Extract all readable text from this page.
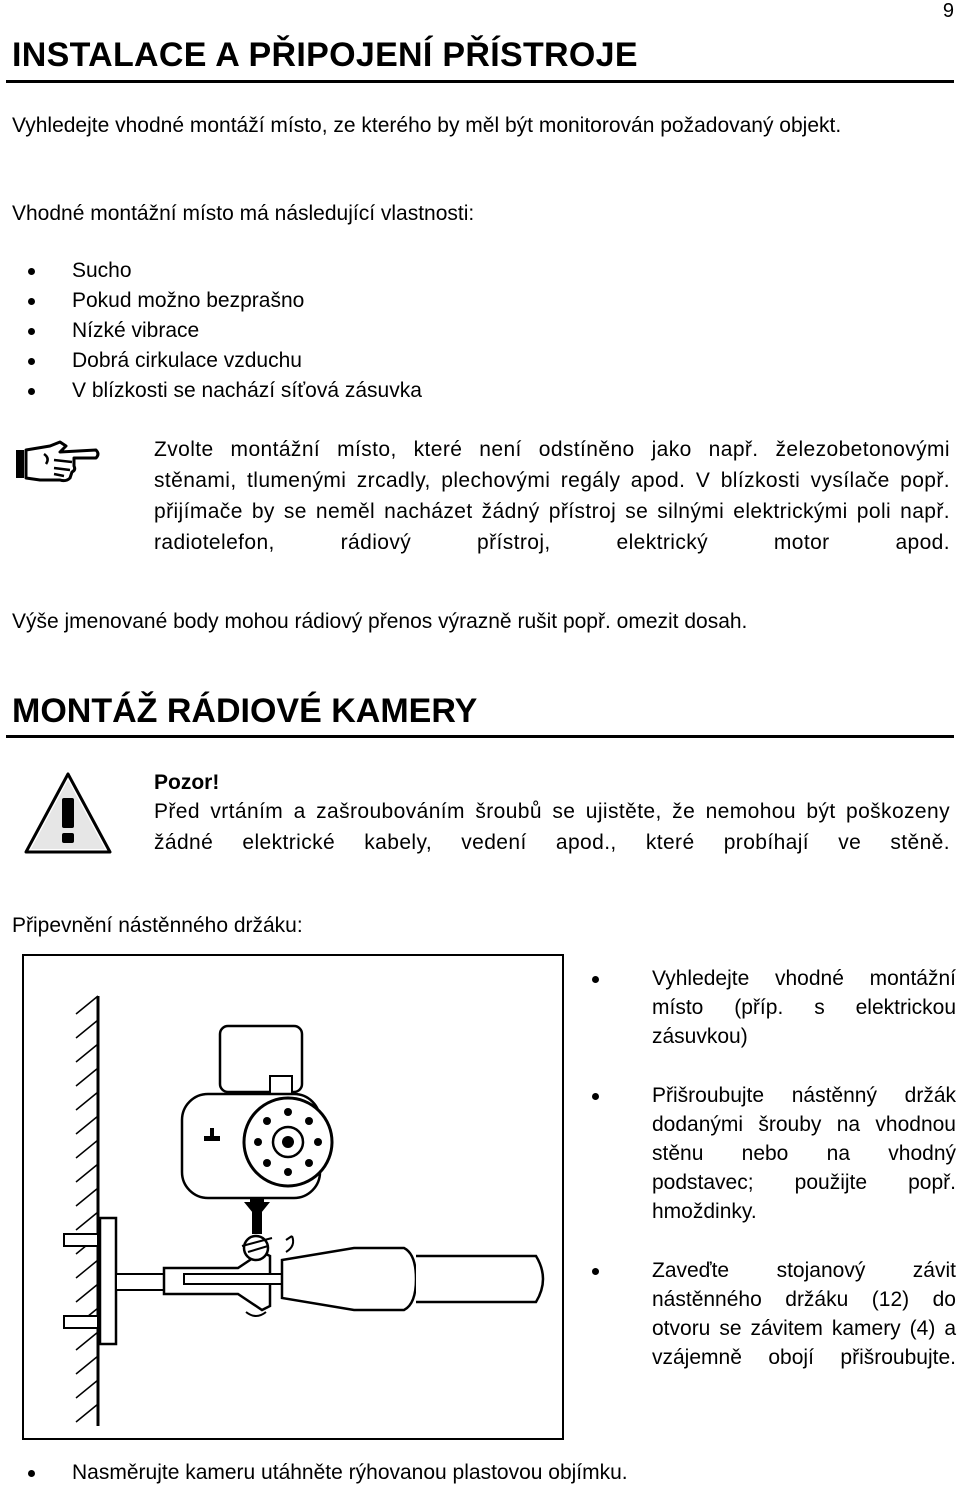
9
INSTALACE A PŘIPOJENÍ PŘÍSTROJE
Vyhledejte vhodné montáží místo, ze kterého by měl být monitorován požadovaný objekt.
Vhodné montážní místo má následující vlastnosti:
Sucho
Pokud možno bezprašno
Nízké vibrace
Dobrá cirkulace vzduchu
V blízkosti se nachází síťová zásuvka
Zvolte montážní místo, které není odstíněno jako např. železobetonovými stěnami, tlumenými zrcadly, plechovými regály apod. V blízkosti vysílače popř. přijímače by se neměl nacházet žádný přístroj se silnými elektrickými poli např. radiotelefon, rádiový přístroj, elektrický motor apod.
Výše jmenované body mohou rádiový přenos výrazně rušit popř. omezit dosah.
MONTÁŽ RÁDIOVÉ KAMERY
Pozor!
Před vrtáním a zašroubováním šroubů se ujistěte, že nemohou být poškozeny žádné elektrické kabely, vedení apod., které probíhají ve stěně.
Připevnění nástěnného držáku:
Vyhledejte vhodné montážní místo (příp. s elektrickou zásuvkou)
Přišroubujte nástěnný držák dodanými šrouby na vhodnou stěnu nebo na vhodný podstavec; použijte popř. hmoždinky.
Zaveďte stojanový závit nástěnného držáku (12) do otvoru se závitem kamery (4) a vzájemně obojí přišroubujte.
Nasměrujte kameru utáhněte rýhovanou plastovou objímku.
